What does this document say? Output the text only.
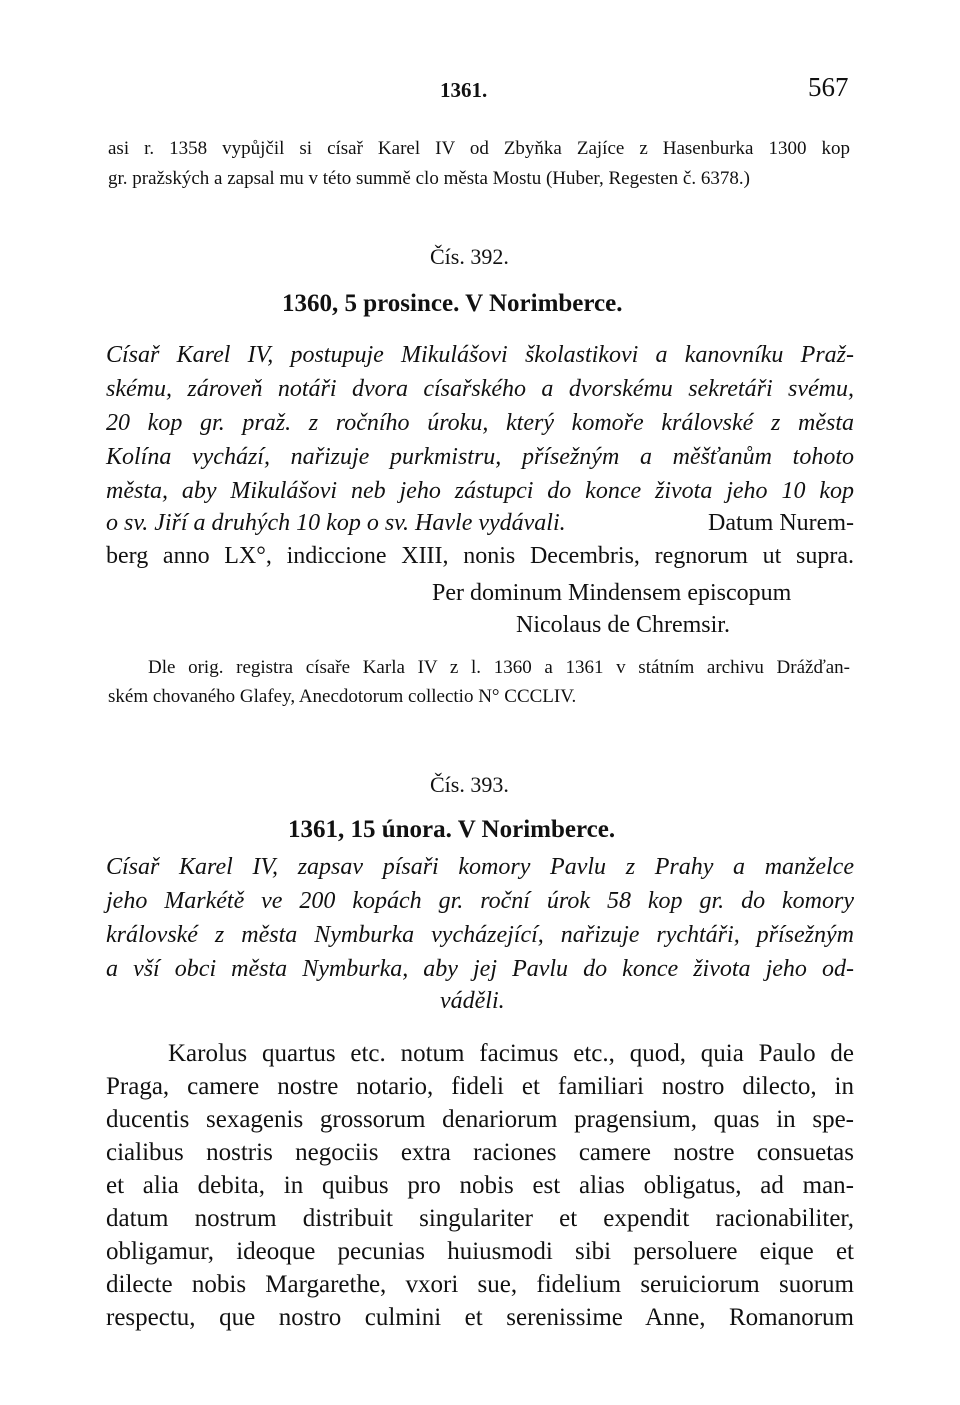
1361.	567
asi r. 1358 vypůjčil si císař Karel IV od Zbyňka Zajíce z Hasenburka 1300 kop
gr. pražských a zapsal mu v této summě clo města Mostu (Huber, Regesten č. 6378.)
Čís. 392.
1360, 5 prosince. V Norimberce.
Císař Karel IV, postupuje Mikulášovi školastikovi a kanovníku Praž-
skému, zároveň notáři dvora císařského a dvorskému sekretáři svému,
20 kop gr. praž. z ročního úroku, který komoře královské z města
Kolína vychází, nařizuje purkmistru, přísežným a měšťanům tohoto
města, aby Mikulášovi neb jeho zástupci do konce života jeho 10 kop
o sv. Jiří a druhých 10 kop o sv. Havle vydávali.	Datum Nurem-
berg anno LX°, indiccione XIII, nonis Decembris, regnorum ut supra.
Per dominum Mindensem episcopum
Nicolaus de Chremsir.
Dle orig. registra císaře Karla IV z l. 1360 a 1361 v státním archivu Drážďan-
ském chovaného Glafey, Anecdotorum collectio N° CCCLIV.
Čís. 393.
1361, 15 února. V Norimberce.
Císař Karel IV, zapsav písaři komory Pavlu z Prahy a manželce
jeho Markétě ve 200 kopách gr. roční úrok 58 kop gr. do komory
královské z města Nymburka vycházející, nařizuje rychtáři, přísežným
a vší obci města Nymburka, aby jej Pavlu do konce života jeho od-
váděli.
Karolus quartus etc. notum facimus etc., quod, quia Paulo de
Praga, camere nostre notario, fideli et familiari nostro dilecto, in
ducentis sexagenis grossorum denariorum pragensium, quas in spe-
cialibus nostris negociis extra raciones camere nostre consuetas
et alia debita, in quibus pro nobis est alias obligatus, ad man-
datum nostrum distribuit singulariter et expendit racionabiliter,
obligamur, ideoque pecunias huiusmodi sibi persoluere eique et
dilecte nobis Margarethe, vxori sue, fidelium seruiciorum suorum
respectu, que nostro culmini et serenissime Anne, Romanorum
